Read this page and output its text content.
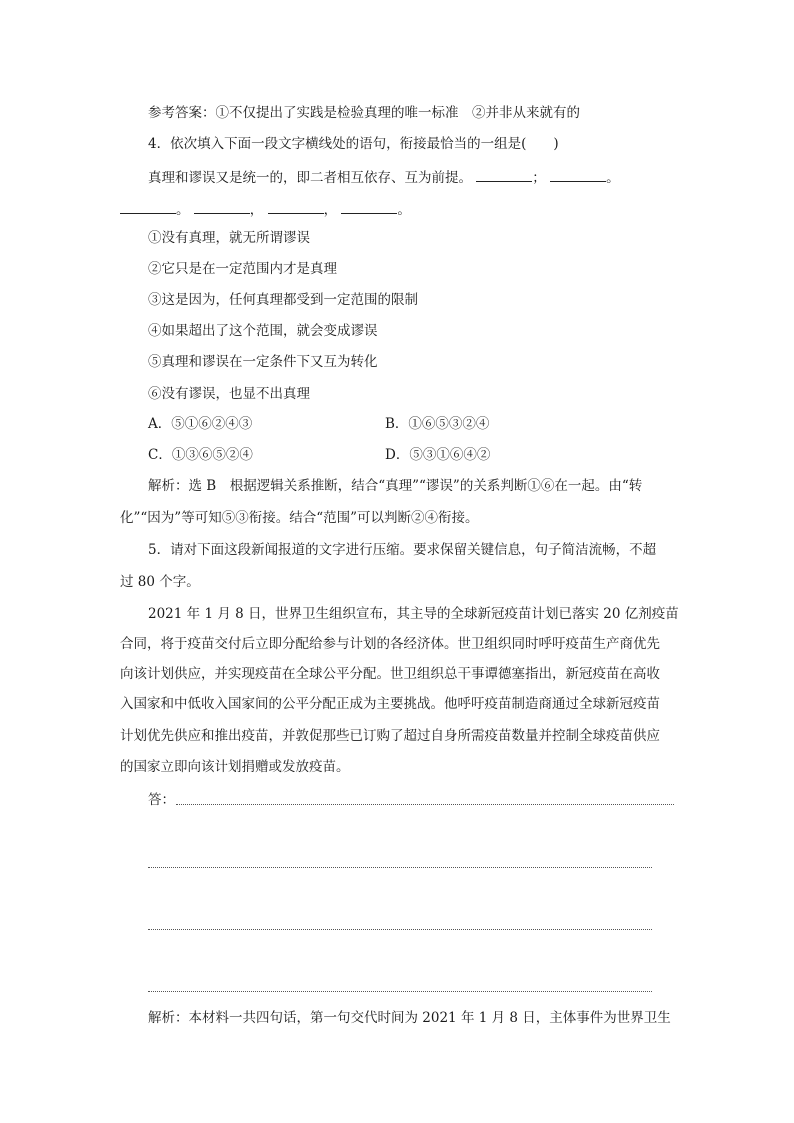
参考答案：①不仅提出了实践是检验真理的唯一标准　②并非从来就有的
4．依次填入下面一段文字横线处的语句，衔接最恰当的一组是(　　)
真理和谬误又是统一的，即二者相互依存、互为前提。	；	。
。	，	，	。
①没有真理，就无所谓谬误
②它只是在一定范围内才是真理
③这是因为，任何真理都受到一定范围的限制
④如果超出了这个范围，就会变成谬误
⑤真理和谬误在一定条件下又互为转化
⑥没有谬误，也显不出真理
A．⑤①⑥②④③	B．①⑥⑤③②④
C．①③⑥⑤②④	D．⑤③①⑥④②
解析：选 B　根据逻辑关系推断，结合“真理”“谬误”的关系判断①⑥在一起。由“转
化”“因为”等可知⑤③衔接。结合“范围”可以判断②④衔接。
5．请对下面这段新闻报道的文字进行压缩。要求保留关键信息，句子简洁流畅，不超
过 80 个字。
2021 年 1 月 8 日，世界卫生组织宣布，其主导的全球新冠疫苗计划已落实 20 亿剂疫苗
合同，将于疫苗交付后立即分配给参与计划的各经济体。世卫组织同时呼吁疫苗生产商优先
向该计划供应，并实现疫苗在全球公平分配。世卫组织总干事谭德塞指出，新冠疫苗在高收
入国家和中低收入国家间的公平分配正成为主要挑战。他呼吁疫苗制造商通过全球新冠疫苗
计划优先供应和推出疫苗，并敦促那些已订购了超过自身所需疫苗数量并控制全球疫苗供应
的国家立即向该计划捐赠或发放疫苗。
答：
解析：本材料一共四句话，第一句交代时间为 2021 年 1 月 8 日，主体事件为世界卫生
